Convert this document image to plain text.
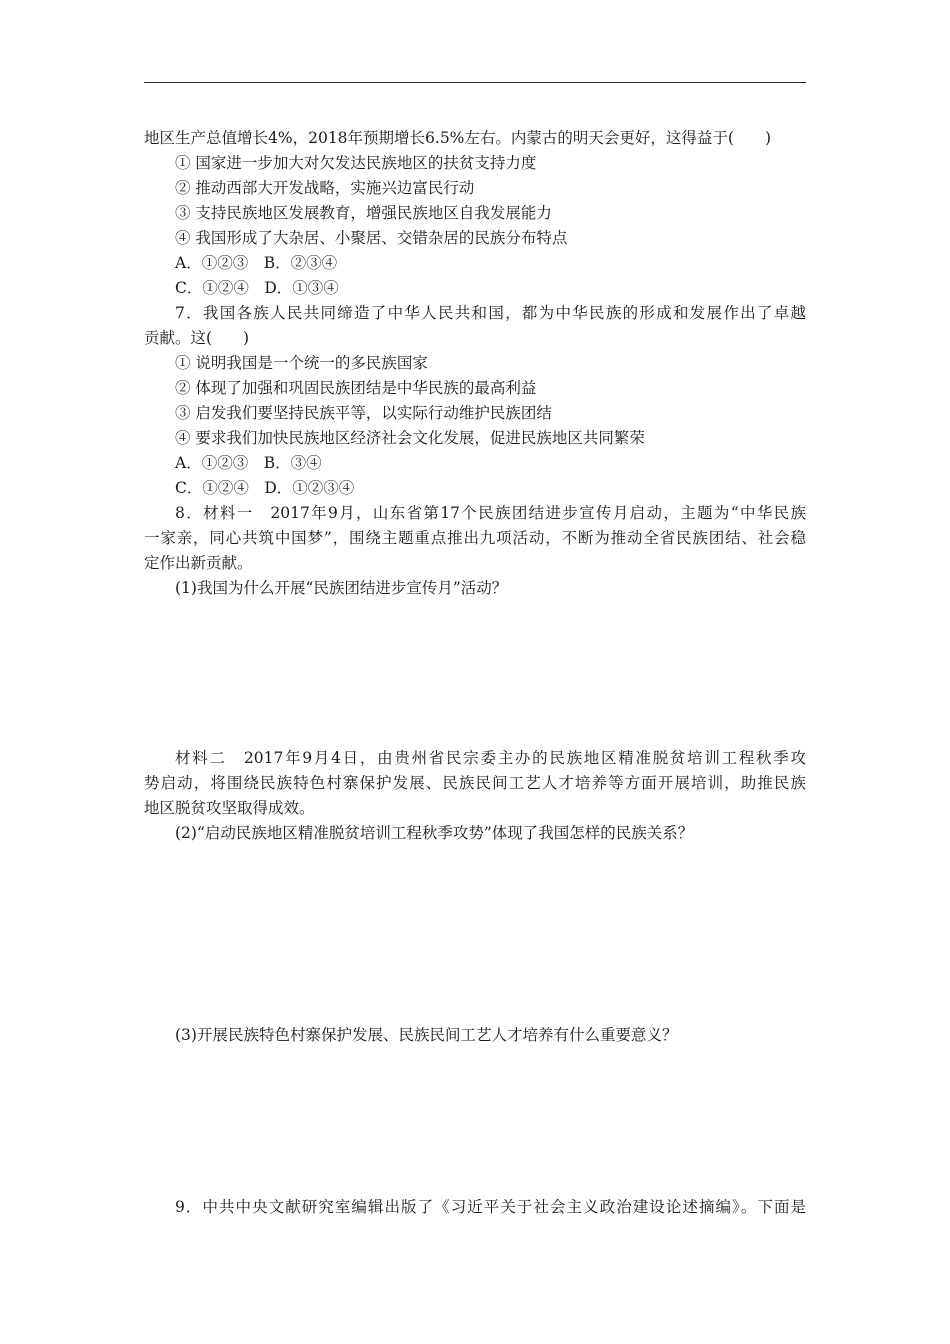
地区生产总值增长4%，2018年预期增长6.5%左右。内蒙古的明天会更好，这得益于(　　)
① 国家进一步加大对欠发达民族地区的扶贫支持力度
② 推动西部大开发战略，实施兴边富民行动
③ 支持民族地区发展教育，增强民族地区自我发展能力
④ 我国形成了大杂居、小聚居、交错杂居的民族分布特点
A．①②③　B．②③④
C．①②④　D．①③④
7．我国各族人民共同缔造了中华人民共和国，都为中华民族的形成和发展作出了卓越
贡献。这(　　)
① 说明我国是一个统一的多民族国家
② 体现了加强和巩固民族团结是中华民族的最高利益
③ 启发我们要坚持民族平等，以实际行动维护民族团结
④ 要求我们加快民族地区经济社会文化发展，促进民族地区共同繁荣
A．①②③　B．③④
C．①②④　D．①②③④
8．材料一　2017年9月，山东省第17个民族团结进步宣传月启动，主题为“中华民族
一家亲，同心共筑中国梦”，围绕主题重点推出九项活动，不断为推动全省民族团结、社会稳
定作出新贡献。
(1)我国为什么开展“民族团结进步宣传月”活动？
材料二　2017年9月4日，由贵州省民宗委主办的民族地区精准脱贫培训工程秋季攻
势启动，将围绕民族特色村寨保护发展、民族民间工艺人才培养等方面开展培训，助推民族
地区脱贫攻坚取得成效。
(2)“启动民族地区精准脱贫培训工程秋季攻势”体现了我国怎样的民族关系？
(3)开展民族特色村寨保护发展、民族民间工艺人才培养有什么重要意义？
9．中共中央文献研究室编辑出版了《习近平关于社会主义政治建设论述摘编》。下面是
